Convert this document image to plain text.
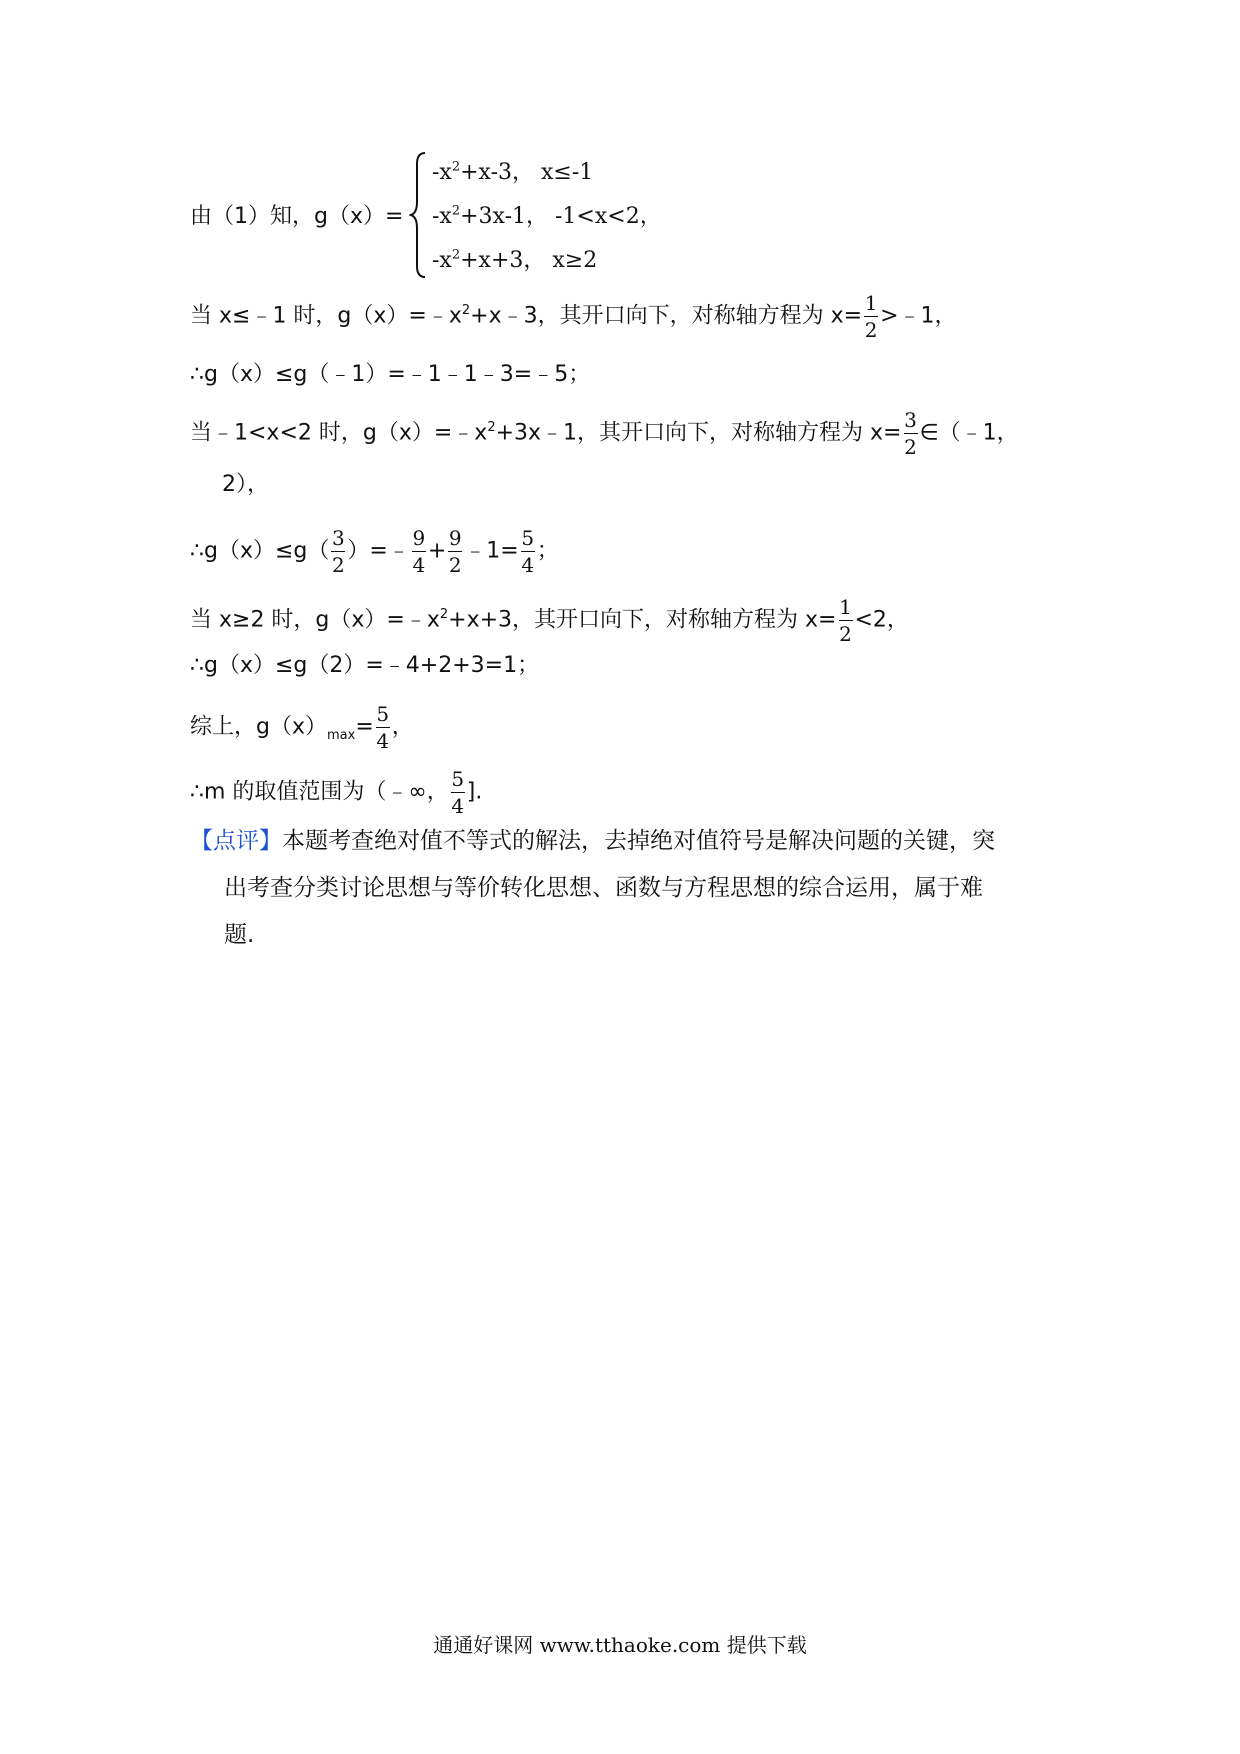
由（1）知，g（x）=
$-x^2+x-3$， x≤-1
$-x^2+3x-1$， -1<x<2，
$-x^2+x+3$， x≥2
当 x≤﹣1 时，$g(x)=﹣x^2+x﹣3$，其开口向下，对称轴方程为 $x= \frac{1}{2}$ >﹣1，
∴g（x）≤g（﹣1）=﹣1﹣1﹣3=﹣5；
当﹣1<x<2 时，$g(x)=﹣x^2+3x﹣1$，其开口向下，对称轴方程为 $x= \frac{3}{2}$ ∈（﹣1，
2），
∴g（x）≤g（ $\frac{3}{2}$ ）=﹣ $\frac{9}{4} + \frac{9}{2}$ ﹣1= $\frac{5}{4}$ ；
当 x≥2 时，$g(x)=﹣x^2+x+3$，其开口向下，对称轴方程为 $x= \frac{1}{2} <2$，
∴g（x）≤g（2）=﹣4+2+3=1；
综上，$g(x)_{max}= \frac{5}{4}$ ，
∴m 的取值范围为（﹣∞， $\frac{5}{4}$ ].
【点评】本题考查绝对值不等式的解法，去掉绝对值符号是解决问题的关键，突
出考查分类讨论思想与等价转化思想、函数与方程思想的综合运用，属于难
题.
通通好课网 www.tthaoke.com 提供下载
